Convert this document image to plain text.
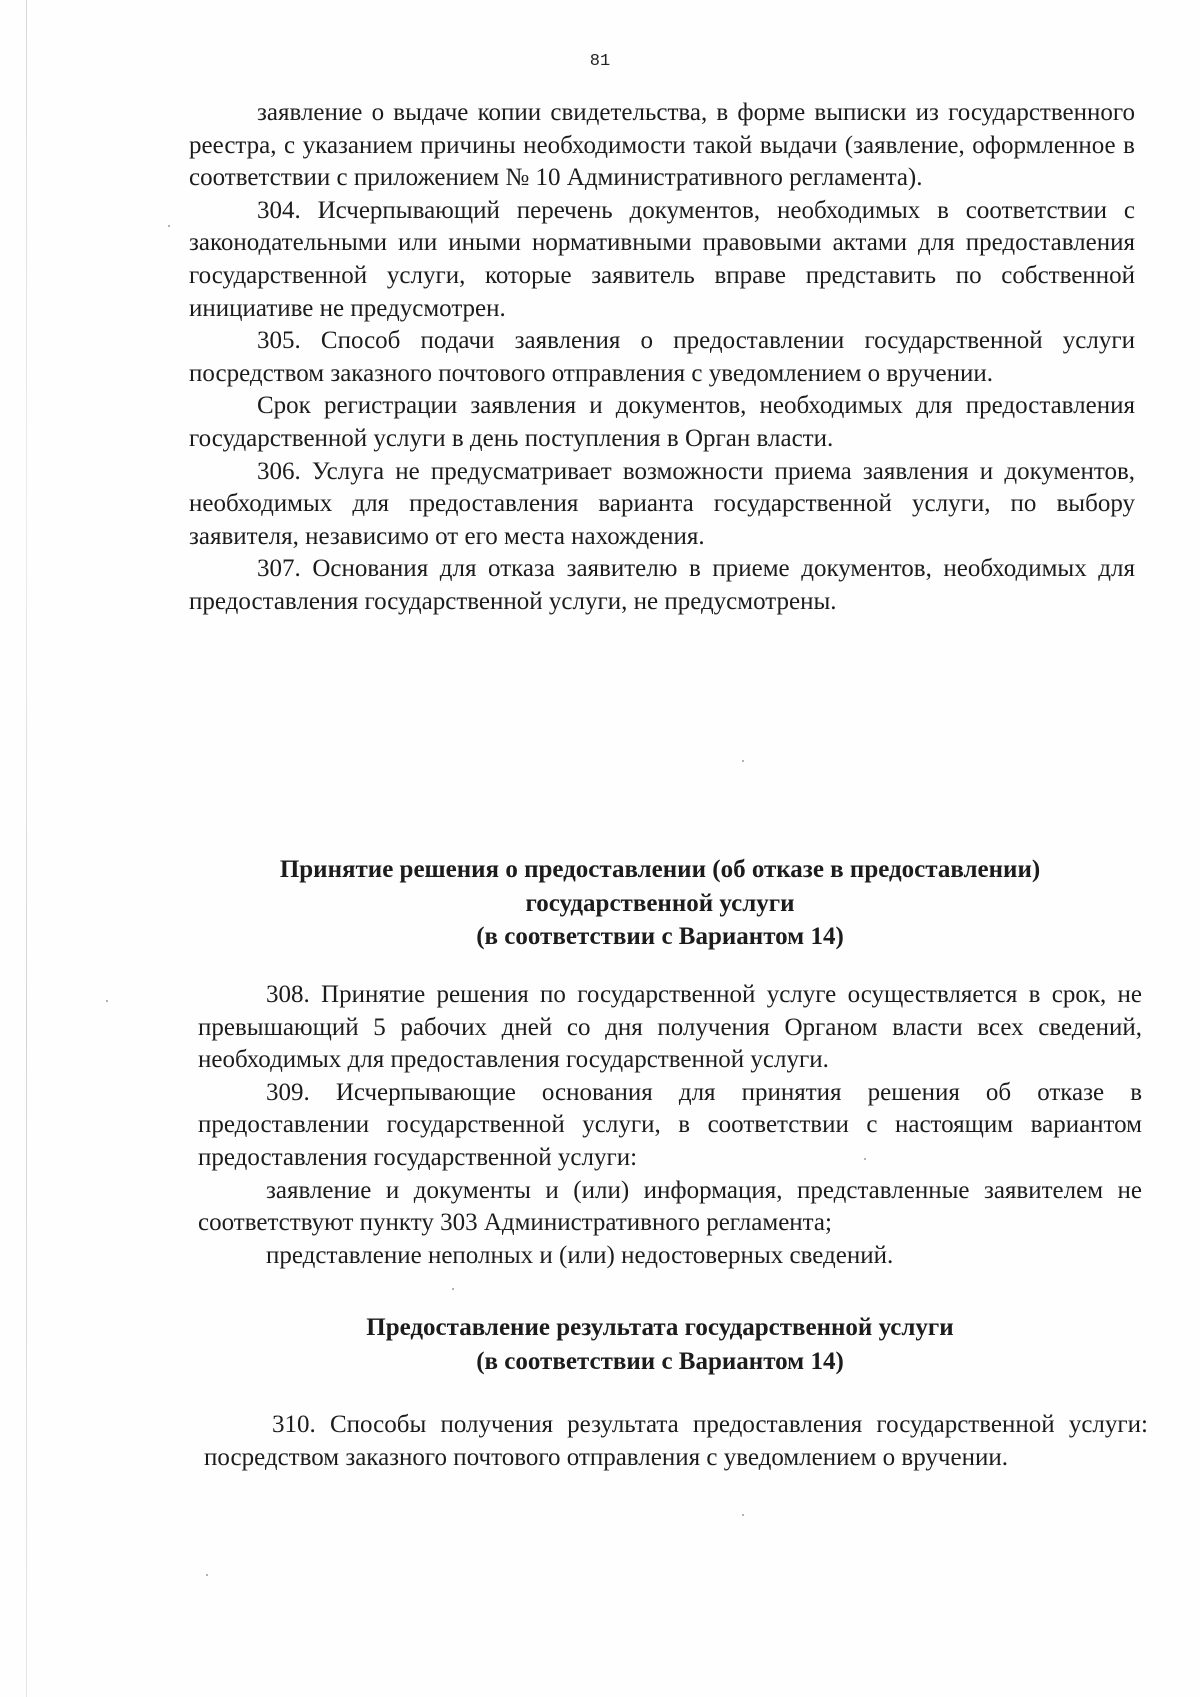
81

заявление о выдаче копии свидетельства, в форме выписки из государственного реестра, с указанием причины необходимости такой выдачи (заявление, оформленное в соответствии с приложением № 10 Административного регламента).

304. Исчерпывающий перечень документов, необходимых в соответствии с законодательными или иными нормативными правовыми актами для предоставления государственной услуги, которые заявитель вправе представить по собственной инициативе не предусмотрен.

305. Способ подачи заявления о предоставлении государственной услуги посредством заказного почтового отправления с уведомлением о вручении.

Срок регистрации заявления и документов, необходимых для предоставления государственной услуги в день поступления в Орган власти.

306. Услуга не предусматривает возможности приема заявления и документов, необходимых для предоставления варианта государственной услуги, по выбору заявителя, независимо от его места нахождения.

307. Основания для отказа заявителю в приеме документов, необходимых для предоставления государственной услуги, не предусмотрены.

Принятие решения о предоставлении (об отказе в предоставлении)
государственной услуги
(в соответствии с Вариантом 14)

308. Принятие решения по государственной услуге осуществляется в срок, не превышающий 5 рабочих дней со дня получения Органом власти всех сведений, необходимых для предоставления государственной услуги.

309. Исчерпывающие основания для принятия решения об отказе в предоставлении государственной услуги, в соответствии с настоящим вариантом предоставления государственной услуги:

заявление и документы и (или) информация, представленные заявителем не соответствуют пункту 303 Административного регламента;

представление неполных и (или) недостоверных сведений.

Предоставление результата государственной услуги
(в соответствии с Вариантом 14)

310. Способы получения результата предоставления государственной услуги: посредством заказного почтового отправления с уведомлением о вручении.
